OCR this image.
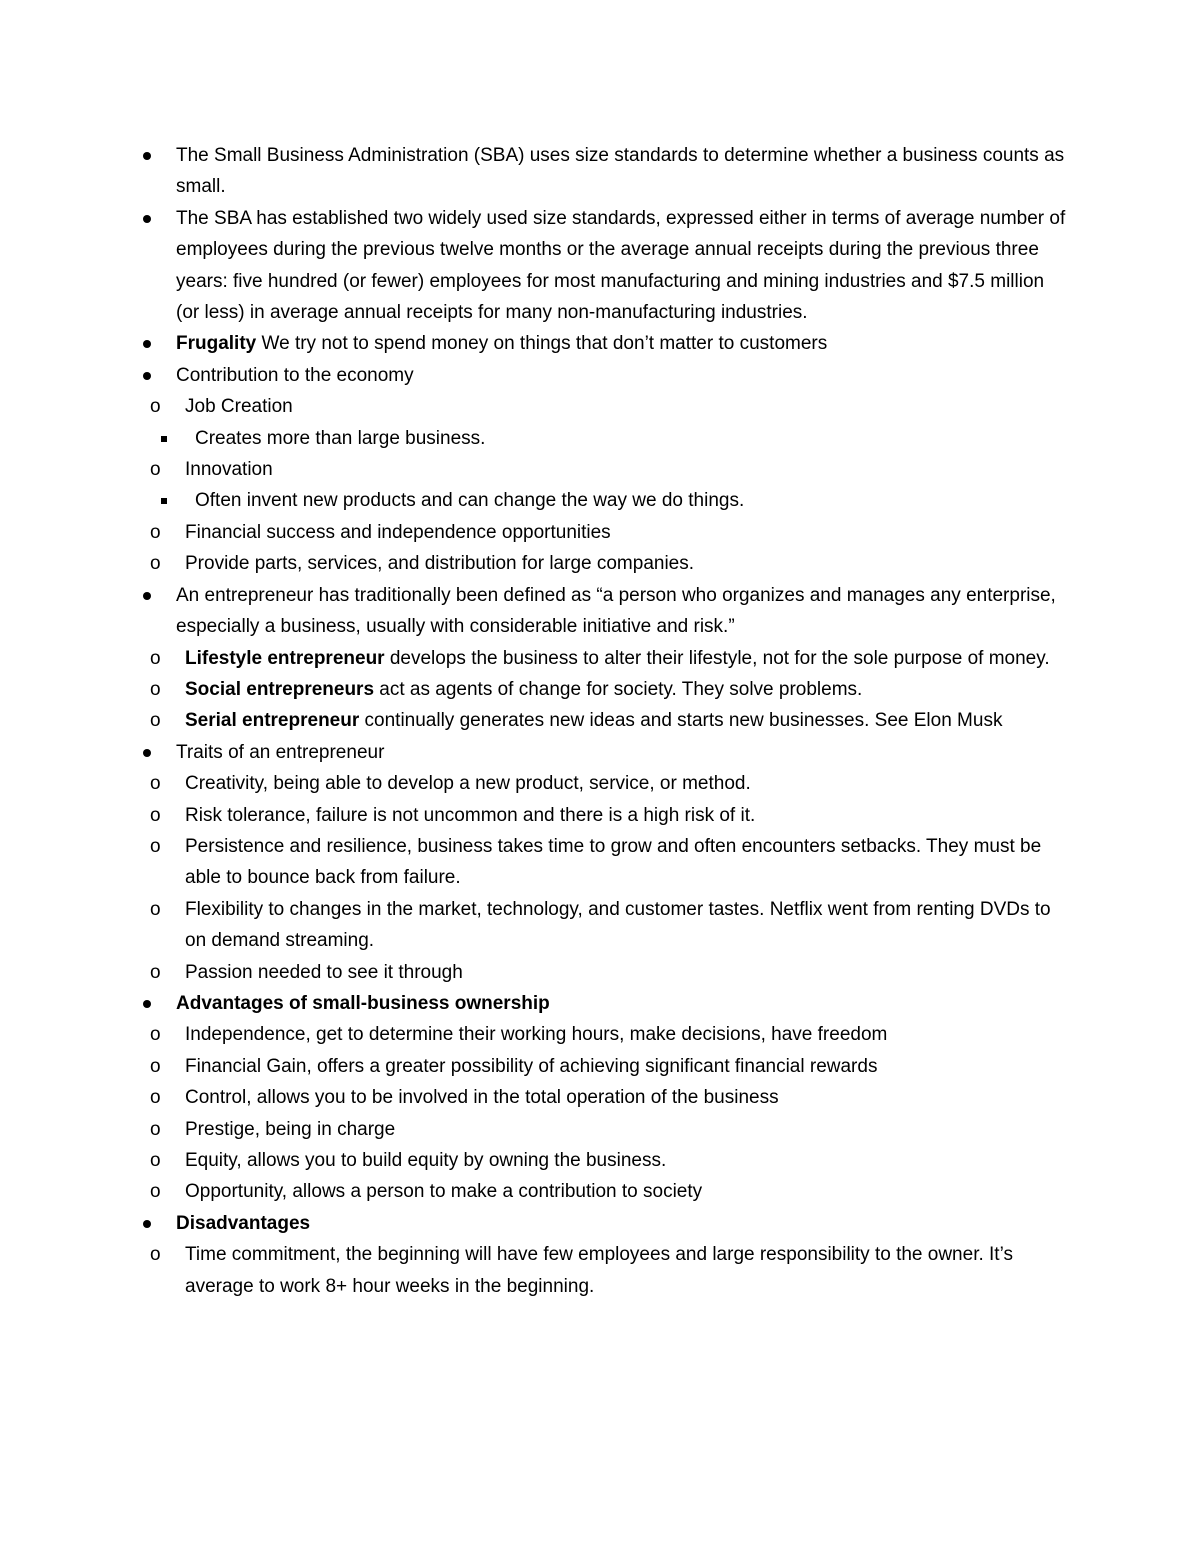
The Small Business Administration (SBA) uses size standards to determine whether a business counts as small.
The SBA has established two widely used size standards, expressed either in terms of average number of employees during the previous twelve months or the average annual receipts during the previous three years: five hundred (or fewer) employees for most manufacturing and mining industries and $7.5 million (or less) in average annual receipts for many non-manufacturing industries.
Frugality We try not to spend money on things that don’t matter to customers
Contribution to the economy
o Job Creation
Creates more than large business.
o Innovation
Often invent new products and can change the way we do things.
o Financial success and independence opportunities
o Provide parts, services, and distribution for large companies.
An entrepreneur has traditionally been defined as “a person who organizes and manages any enterprise, especially a business, usually with considerable initiative and risk.”
o Lifestyle entrepreneur develops the business to alter their lifestyle, not for the sole purpose of money.
o Social entrepreneurs act as agents of change for society. They solve problems.
o Serial entrepreneur continually generates new ideas and starts new businesses. See Elon Musk
Traits of an entrepreneur
o Creativity, being able to develop a new product, service, or method.
o Risk tolerance, failure is not uncommon and there is a high risk of it.
o Persistence and resilience, business takes time to grow and often encounters setbacks. They must be able to bounce back from failure.
o Flexibility to changes in the market, technology, and customer tastes. Netflix went from renting DVDs to on demand streaming.
o Passion needed to see it through
Advantages of small-business ownership
o Independence, get to determine their working hours, make decisions, have freedom
o Financial Gain, offers a greater possibility of achieving significant financial rewards
o Control, allows you to be involved in the total operation of the business
o Prestige, being in charge
o Equity, allows you to build equity by owning the business.
o Opportunity, allows a person to make a contribution to society
Disadvantages
o Time commitment, the beginning will have few employees and large responsibility to the owner. It’s average to work 8+ hour weeks in the beginning.
